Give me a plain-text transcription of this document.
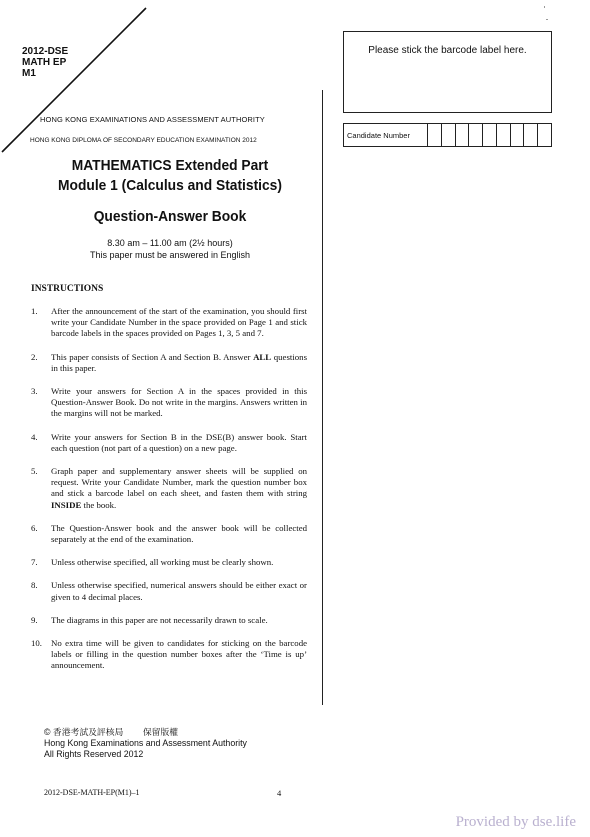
2012-DSE
MATH EP
M1
HONG KONG EXAMINATIONS AND ASSESSMENT AUTHORITY
HONG KONG DIPLOMA OF SECONDARY EDUCATION EXAMINATION 2012
MATHEMATICS Extended Part
Module 1 (Calculus and Statistics)
Question-Answer Book
8.30 am – 11.00 am (2½ hours)
This paper must be answered in English
INSTRUCTIONS
1.	After the announcement of the start of the examination, you should first write your Candidate Number in the space provided on Page 1 and stick barcode labels in the spaces provided on Pages 1, 3, 5 and 7.
2.	This paper consists of Section A and Section B. Answer ALL questions in this paper.
3.	Write your answers for Section A in the spaces provided in this Question-Answer Book. Do not write in the margins. Answers written in the margins will not be marked.
4.	Write your answers for Section B in the DSE(B) answer book. Start each question (not part of a question) on a new page.
5.	Graph paper and supplementary answer sheets will be supplied on request. Write your Candidate Number, mark the question number box and stick a barcode label on each sheet, and fasten them with string INSIDE the book.
6.	The Question-Answer book and the answer book will be collected separately at the end of the examination.
7.	Unless otherwise specified, all working must be clearly shown.
8.	Unless otherwise specified, numerical answers should be either exact or given to 4 decimal places.
9.	The diagrams in this paper are not necessarily drawn to scale.
10.	No extra time will be given to candidates for sticking on the barcode labels or filling in the question number boxes after the ‘Time is up’ announcement.
Please stick the barcode label here.
Candidate Number
© 香港考試及評核局 保留版權
Hong Kong Examinations and Assessment Authority
All Rights Reserved 2012
2012-DSE-MATH-EP(M1)–1	4
Provided by dse.life
